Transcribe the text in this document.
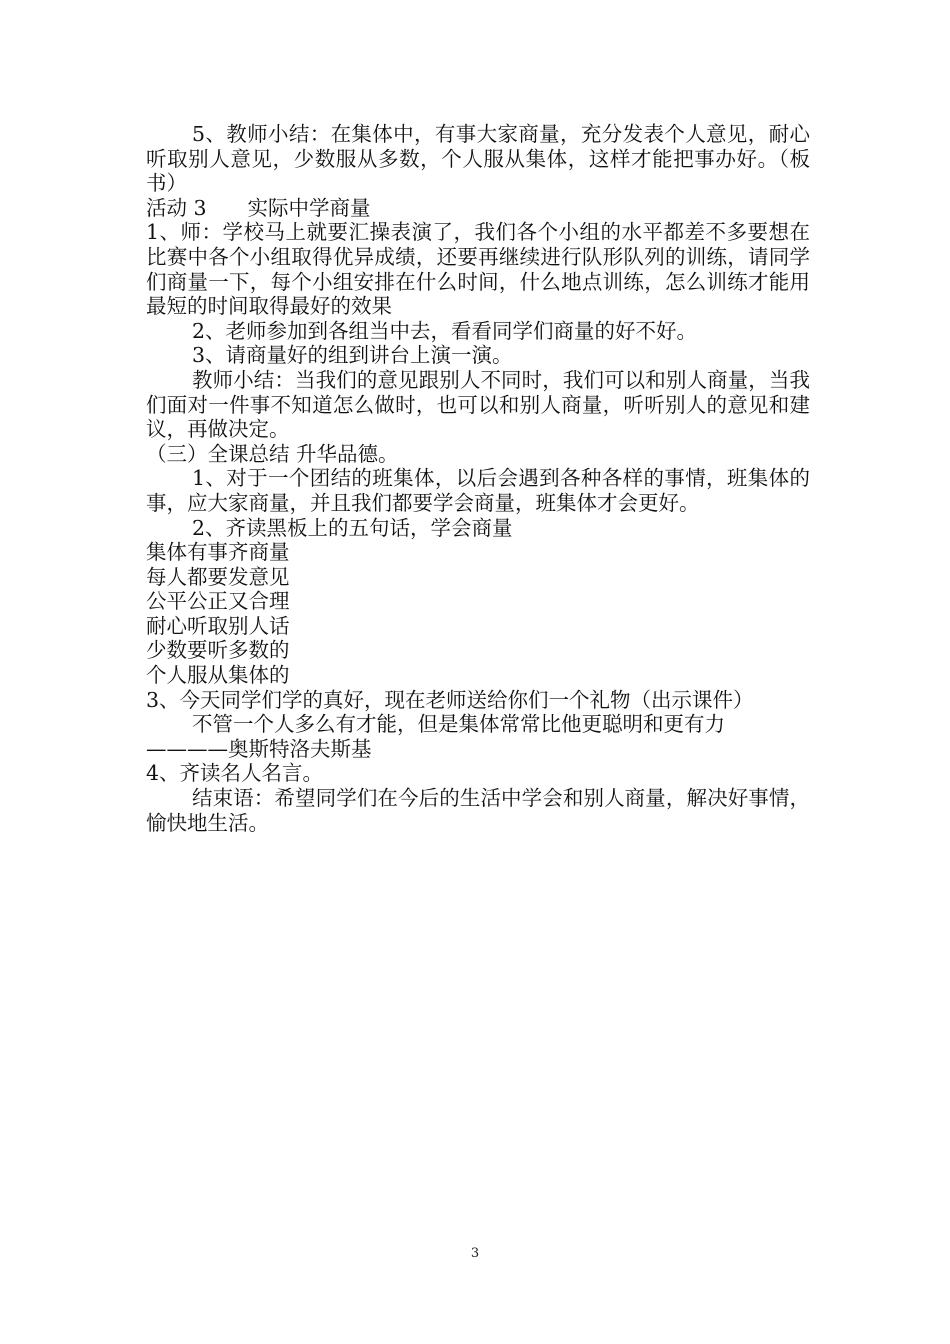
5、教师小结：在集体中，有事大家商量，充分发表个人意见，耐心听取别人意见，少数服从多数，个人服从集体，这样才能把事办好。（板书）

活动 3　　实际中学商量

1、师：学校马上就要汇操表演了，我们各个小组的水平都差不多要想在比赛中各个小组取得优异成绩，还要再继续进行队形队列的训练，请同学们商量一下，每个小组安排在什么时间，什么地点训练，怎么训练才能用最短的时间取得最好的效果

2、老师参加到各组当中去，看看同学们商量的好不好。

3、请商量好的组到讲台上演一演。

教师小结：当我们的意见跟别人不同时，我们可以和别人商量，当我们面对一件事不知道怎么做时，也可以和别人商量，听听别人的意见和建议，再做决定。

（三）全课总结 升华品德。

1、对于一个团结的班集体，以后会遇到各种各样的事情，班集体的事，应大家商量，并且我们都要学会商量，班集体才会更好。

2、齐读黑板上的五句话，学会商量

集体有事齐商量

每人都要发意见

公平公正又合理

耐心听取别人话

少数要听多数的

个人服从集体的

3、今天同学们学的真好，现在老师送给你们一个礼物（出示课件）

不管一个人多么有才能，但是集体常常比他更聪明和更有力

————奥斯特洛夫斯基

4、齐读名人名言。

结束语：希望同学们在今后的生活中学会和别人商量，解决好事情，愉快地生活。

3
